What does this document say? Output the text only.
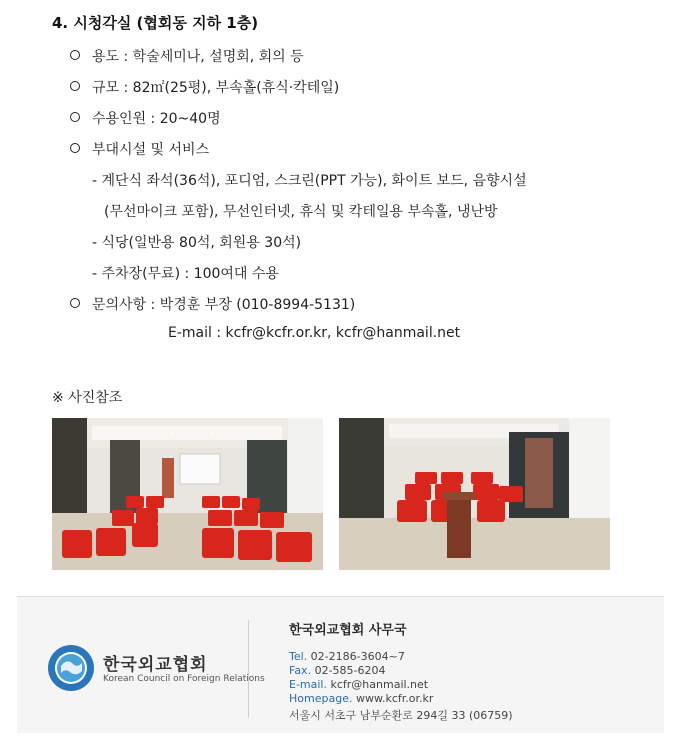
4. 시청각실 (협회동 지하 1층)
용도 : 학술세미나, 설명회, 회의 등
규모 : 82㎡(25평), 부속홀(휴식·칵테일)
수용인원 : 20~40명
부대시설 및 서비스
- 계단식 좌석(36석), 포디엄, 스크린(PPT 가능), 화이트 보드, 음향시설
(무선마이크 포함), 무선인터넷, 휴식 및 칵테일용 부속홀, 냉난방
- 식당(일반용 80석, 회원용 30석)
- 주차장(무료) : 100여대 수용
문의사항 : 박경훈 부장 (010-8994-5131)
E-mail : kcfr@kcfr.or.kr, kcfr@hanmail.net
※ 사진참조
한국외교협회
Korean Council on Foreign Relations
한국외교협회 사무국
Tel. 02-2186-3604~7
Fax. 02-585-6204
E-mail. kcfr@hanmail.net
Homepage. www.kcfr.or.kr
서울시 서초구 남부순환로 294길 33 (06759)
